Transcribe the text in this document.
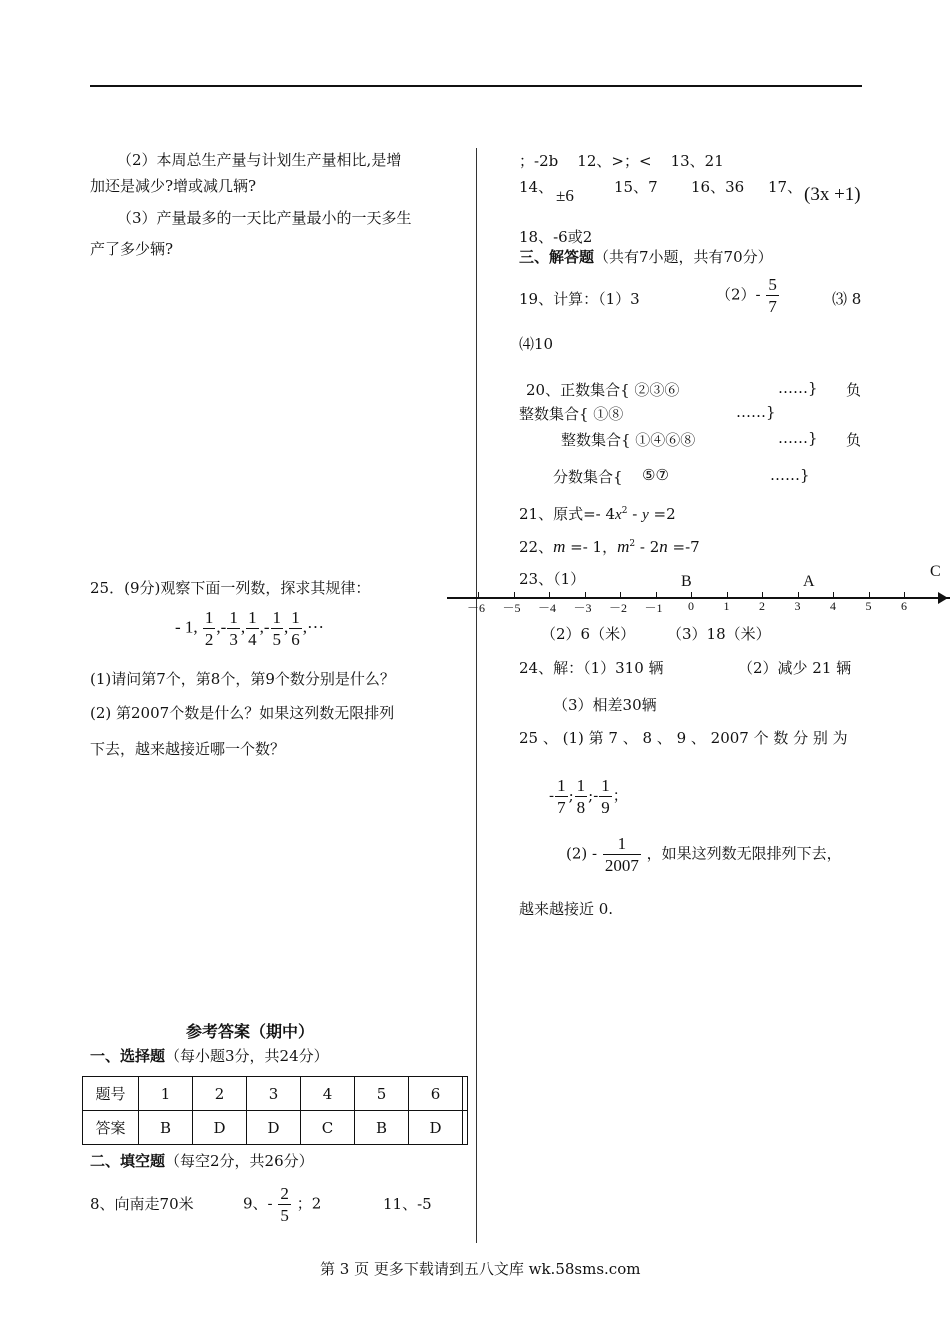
（2）本周总生产量与计划生产量相比,是增
加还是减少?增或减几辆?
（3）产量最多的一天比产量最小的一天多生
产了多少辆?
25．(9分)观察下面一列数，探求其规律：
- 1, $\frac{1}{2}$ ,- $\frac{1}{3}$ , $\frac{1}{4}$ ,- $\frac{1}{5}$ , $\frac{1}{6}$ ,···
(1)请问第7个，第8个，第9个数分别是什么？
(2) 第2007个数是什么？如果这列数无限排列
下去，越来越接近哪一个数？
参考答案（期中）
一、选择题（每小题3分，共24分）
题号	1	2	3	4	5	6	
答案	B	D	D	C	B	D	
二、填空题（每空2分，共26分）
8、向南走70米	9、- $\frac{2}{5}$ ；2	11、-5
；-2b    12、>；<    13、21
14、 ±6	15、7 16、36 17、 (3x +1)
18、-6或2
三、解答题（共有7小题，共有70分）
19、计算：（1）3	$(2)- \frac{5}{7}$	⑶ 8
⑷10
20、正数集合{ ②③⑥	……} 负
整数集合{ ①⑧	……}
整数集合{ ①④⑥⑧	……} 负
分数集合{ ⑤⑦	……}
21、原式=- $4x^2 - y =2$
22、m =- 1，$m^2 - 2n =-7$
23、（1）	B	A
C
－6 －5 －4 －3 －2 －1 0 1 2 3 4 5 6
（2）6（米） （3）18（米）
24、解：（1）310 辆	（2）减少 21 辆
（3）相差30辆
25 、 (1) 第 7 、 8 、 9 、 2007 个 数 分 别 为
- $\frac{1}{7}$ ; $\frac{1}{8}$ ;- $\frac{1}{9}$ ；
$(2) - \frac{1}{2007}$ ，如果这列数无限排列下去，
越来越接近 0.
第 3 页 更多下载请到五八文库 wk.58sms.com
